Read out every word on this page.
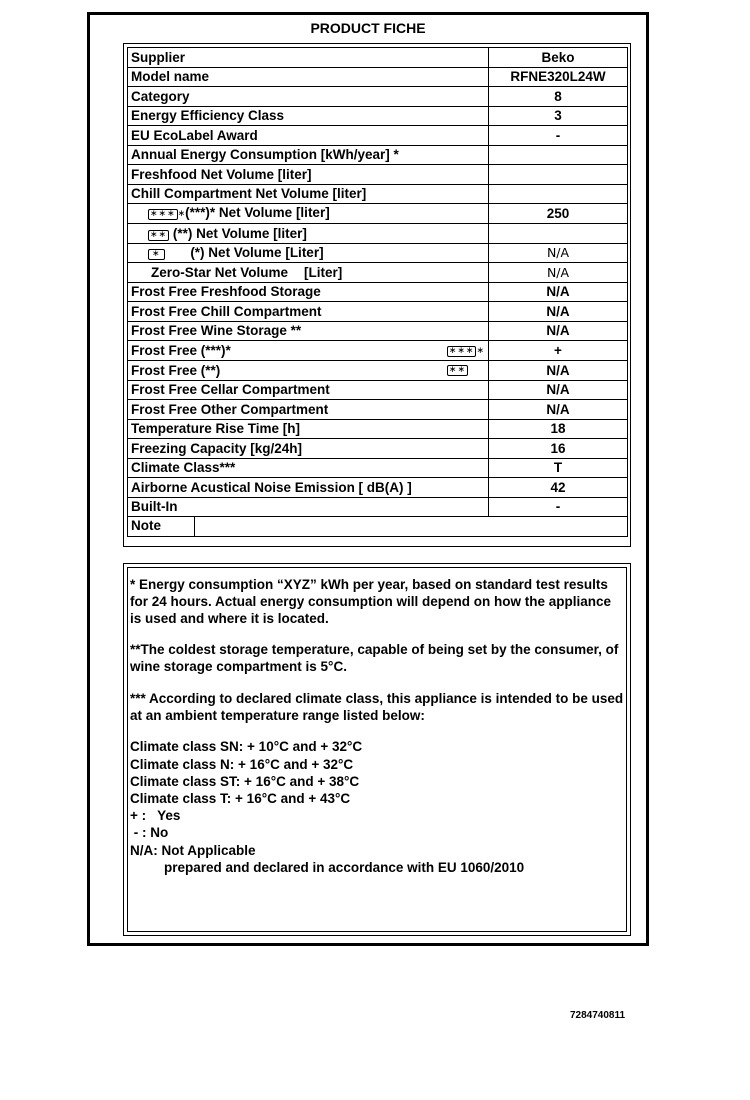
PRODUCT FICHE
Supplier	Beko
Model name	RFNE320L24W
Category	8
Energy Efficiency Class	3
EU EcoLabel Award	-
Annual Energy Consumption [kWh/year] *	
Freshfood Net Volume [liter]	
Chill Compartment Net Volume [liter]	
∗∗∗ ∗(***)* Net Volume [liter]	250
∗∗ (**) Net Volume [liter]	
∗ (*) Net Volume [Liter]	N/A
Zero-Star Net Volume [Liter]	N/A
Frost Free Freshfood Storage	N/A
Frost Free Chill Compartment	N/A
Frost Free Wine Storage **	N/A

Frost Free (***)* ∗∗∗ ∗	+

Frost Free (**) ∗∗	N/A
Frost Free Cellar Compartment	N/A
Frost Free Other Compartment	N/A
Temperature Rise Time [h]	18
Freezing Capacity [kg/24h]	16
Climate Class***	T
Airborne Acustical Noise Emission [ dB(A) ]	42
Built-In	-

Note	

* Energy consumption “XYZ” kWh per year, based on standard test results for 24 hours. Actual energy consumption will depend on how the appliance is used and where it is located.

**The coldest storage temperature, capable of being set by the consumer, of wine storage compartment is 5°C.

*** According to declared climate class, this appliance is intended to be used at an ambient temperature range listed below:

Climate class SN: + 10°C and + 32°C

Climate class N: + 16°C and + 32°C

Climate class ST: + 16°C and + 38°C

Climate class T: + 16°C and + 43°C

+ :   Yes

- : No

N/A: Not Applicable

prepared and declared in accordance with EU 1060/2010

7284740811
